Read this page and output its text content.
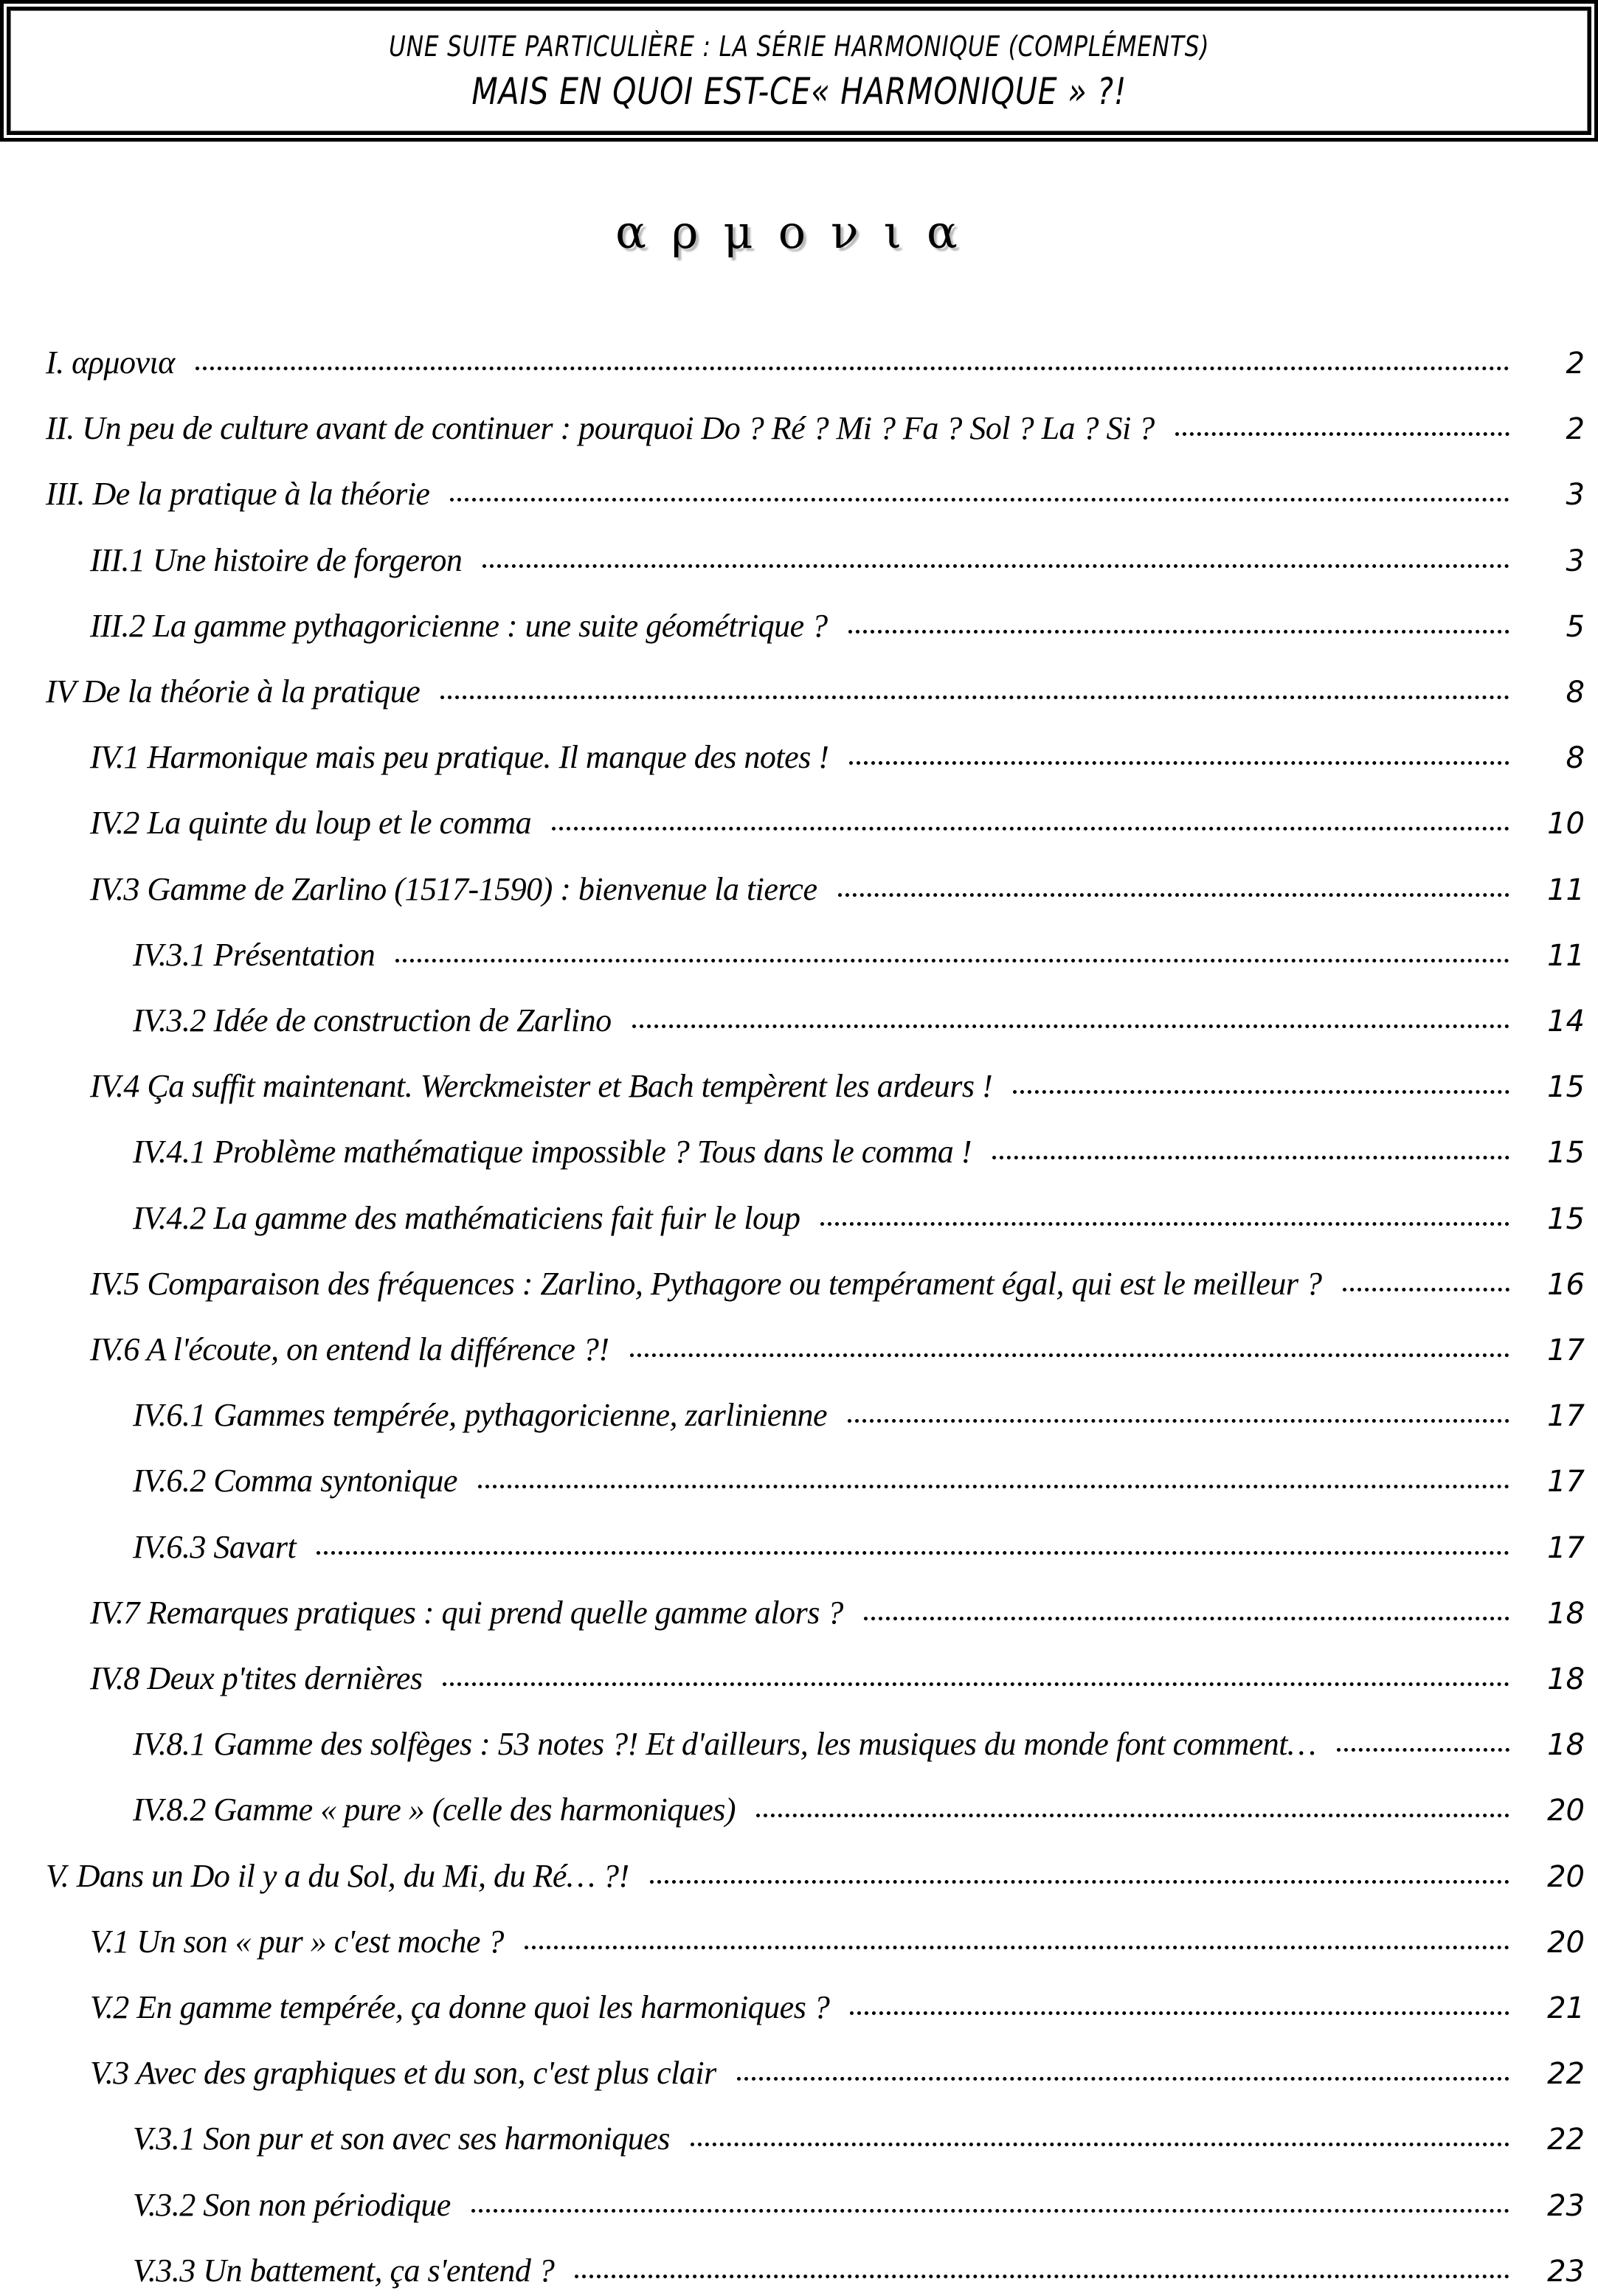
UNE SUITE PARTICULIÈRE : LA SÉRIE HARMONIQUE (COMPLÉMENTS)
MAIS EN QUOI EST-CE« HARMONIQUE » ?!
αρμονια
I. αρμονια	2
II. Un peu de culture avant de continuer : pourquoi Do ? Ré ? Mi ? Fa ? Sol ? La ? Si ?	2
III. De la pratique à la théorie	3
III.1 Une histoire de forgeron	3
III.2 La gamme pythagoricienne : une suite géométrique ?	5
IV De la théorie à la pratique	8
IV.1 Harmonique mais peu pratique. Il manque des notes !	8
IV.2 La quinte du loup et le comma	10
IV.3 Gamme de Zarlino (1517-1590) : bienvenue la tierce	11
IV.3.1 Présentation	11
IV.3.2 Idée de construction de Zarlino	14
IV.4 Ça suffit maintenant. Werckmeister et Bach tempèrent les ardeurs !	15
IV.4.1 Problème mathématique impossible ? Tous dans le comma !	15
IV.4.2 La gamme des mathématiciens fait fuir le loup	15
IV.5 Comparaison des fréquences : Zarlino, Pythagore ou tempérament égal, qui est le meilleur ?	16
IV.6 A l'écoute, on entend la différence ?!	17
IV.6.1 Gammes tempérée, pythagoricienne, zarlinienne	17
IV.6.2 Comma syntonique	17
IV.6.3 Savart	17
IV.7 Remarques pratiques : qui prend quelle gamme alors ?	18
IV.8 Deux p'tites dernières	18
IV.8.1 Gamme des solfèges : 53 notes ?! Et d'ailleurs, les musiques du monde font comment…	18
IV.8.2 Gamme « pure » (celle des harmoniques)	20
V. Dans un Do il y a du Sol, du Mi, du Ré… ?!	20
V.1 Un son « pur » c'est moche ?	20
V.2 En gamme tempérée, ça donne quoi les harmoniques ?	21
V.3 Avec des graphiques et du son, c'est plus clair	22
V.3.1 Son pur et son avec ses harmoniques	22
V.3.2 Son non périodique	23
V.3.3 Un battement, ça s'entend ?	23
